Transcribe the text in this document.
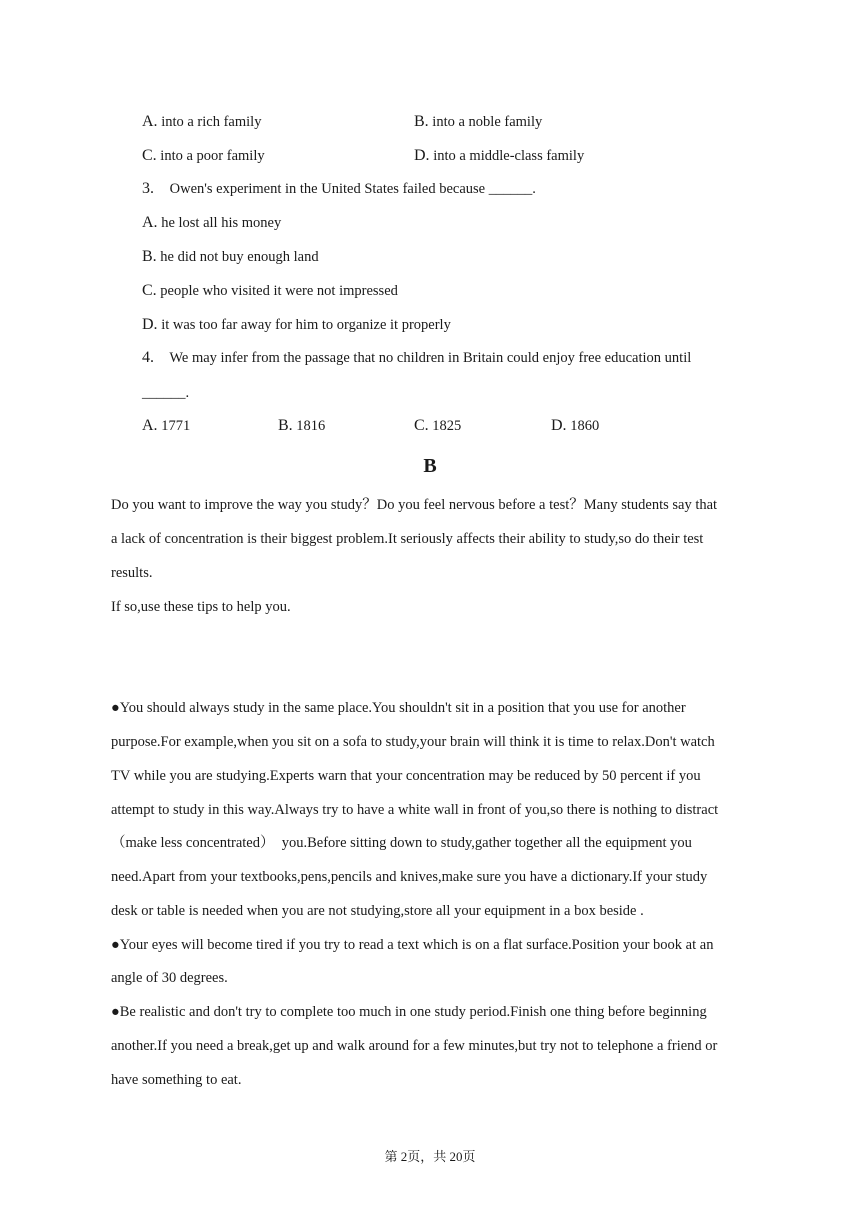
A. into a rich family	B. into a noble family
C. into a poor family	D. into a middle-class family
3. Owen's experiment in the United States failed because ______.
A. he lost all his money
B. he did not buy enough land
C. people who visited it were not impressed
D. it was too far away for him to organize it properly
4. We may infer from the passage that no children in Britain could enjoy free education until
______.
A. 1771	B. 1816	C. 1825	D. 1860
B
Do you want to improve the way you study？Do you feel nervous before a test？Many students say that
a lack of concentration is their biggest problem.It seriously affects their ability to study,so do their test
results.
If so,use these tips to help you.
●You should always study in the same place.You shouldn't sit in a position that you use for another
purpose.For example,when you sit on a sofa to study,your brain will think it is time to relax.Don't watch
TV while you are studying.Experts warn that your concentration may be reduced by 50 percent if you
attempt to study in this way.Always try to have a white wall in front of you,so there is nothing to distract
（make less concentrated）　you.Before sitting down to study,gather together all the equipment you
need.Apart from your textbooks,pens,pencils and knives,make sure you have a dictionary.If your study
desk or table is needed when you are not studying,store all your equipment in a box beside .
●Your eyes will become tired if you try to read a text which is on a flat surface.Position your book at an
angle of 30 degrees.
●Be realistic and don't try to complete too much in one study period.Finish one thing before beginning
another.If you need a break,get up and walk around for a few minutes,but try not to telephone a friend or
have something to eat.
第 2页，共 20页
